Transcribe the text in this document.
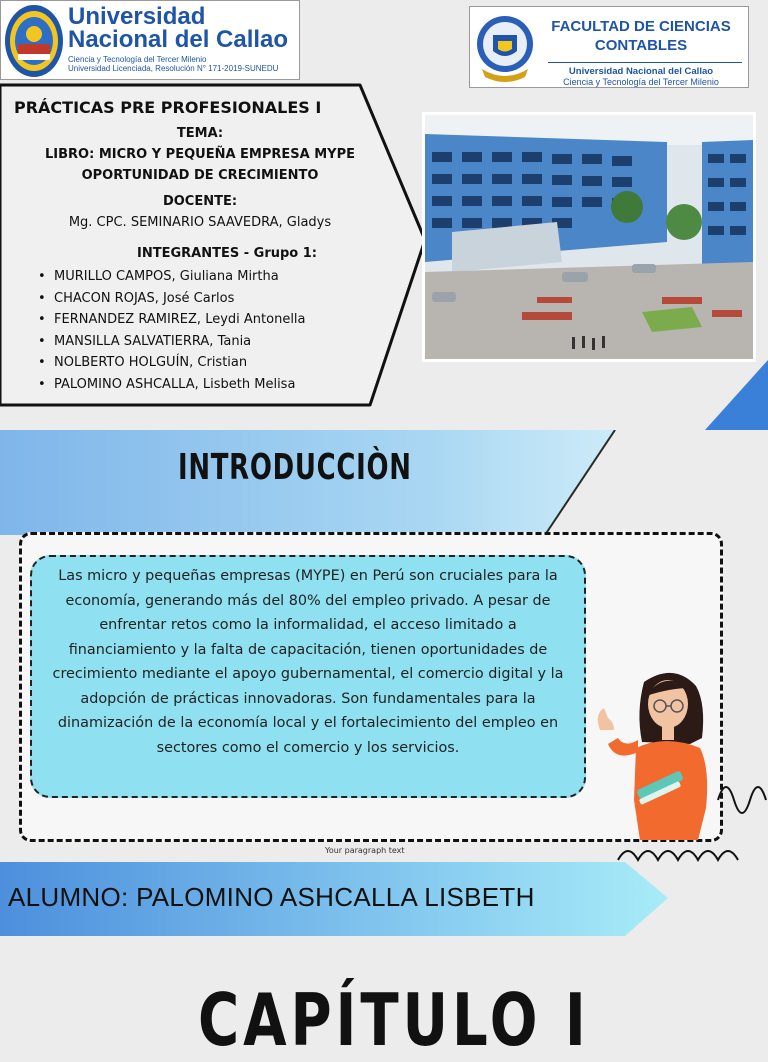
Universidad
Nacional del Callao
Ciencia y Tecnología del Tercer Milenio
Universidad Licenciada, Resolución N° 171-2019-SUNEDU
FACULTAD DE CIENCIAS
CONTABLES
Universidad Nacional del Callao
Ciencia y Tecnología del Tercer Milenio
PRÁCTICAS PRE PROFESIONALES I
TEMA:
LIBRO: MICRO Y PEQUEÑA EMPRESA MYPE
OPORTUNIDAD DE CRECIMIENTO
DOCENTE:
Mg. CPC. SEMINARIO SAAVEDRA, Gladys
INTEGRANTES - Grupo 1:
• MURILLO CAMPOS, Giuliana Mirtha
• CHACON ROJAS, José Carlos
• FERNANDEZ RAMIREZ, Leydi Antonella
• MANSILLA SALVATIERRA, Tania
• NOLBERTO HOLGUÍN, Cristian
• PALOMINO ASHCALLA, Lisbeth Melisa
INTRODUCCIÒN

Las micro y pequeñas empresas (MYPE) en Perú son cruciales para la economía, generando más del 80% del empleo privado. A pesar de enfrentar retos como la informalidad, el acceso limitado a financiamiento y la falta de capacitación, tienen oportunidades de crecimiento mediante el apoyo gubernamental, el comercio digital y la adopción de prácticas innovadoras. Son fundamentales para la dinamización de la economía local y el fortalecimiento del empleo en sectores como el comercio y los servicios.

Your paragraph text
ALUMNO: PALOMINO ASHCALLA LISBETH
CAPÍTULO I
